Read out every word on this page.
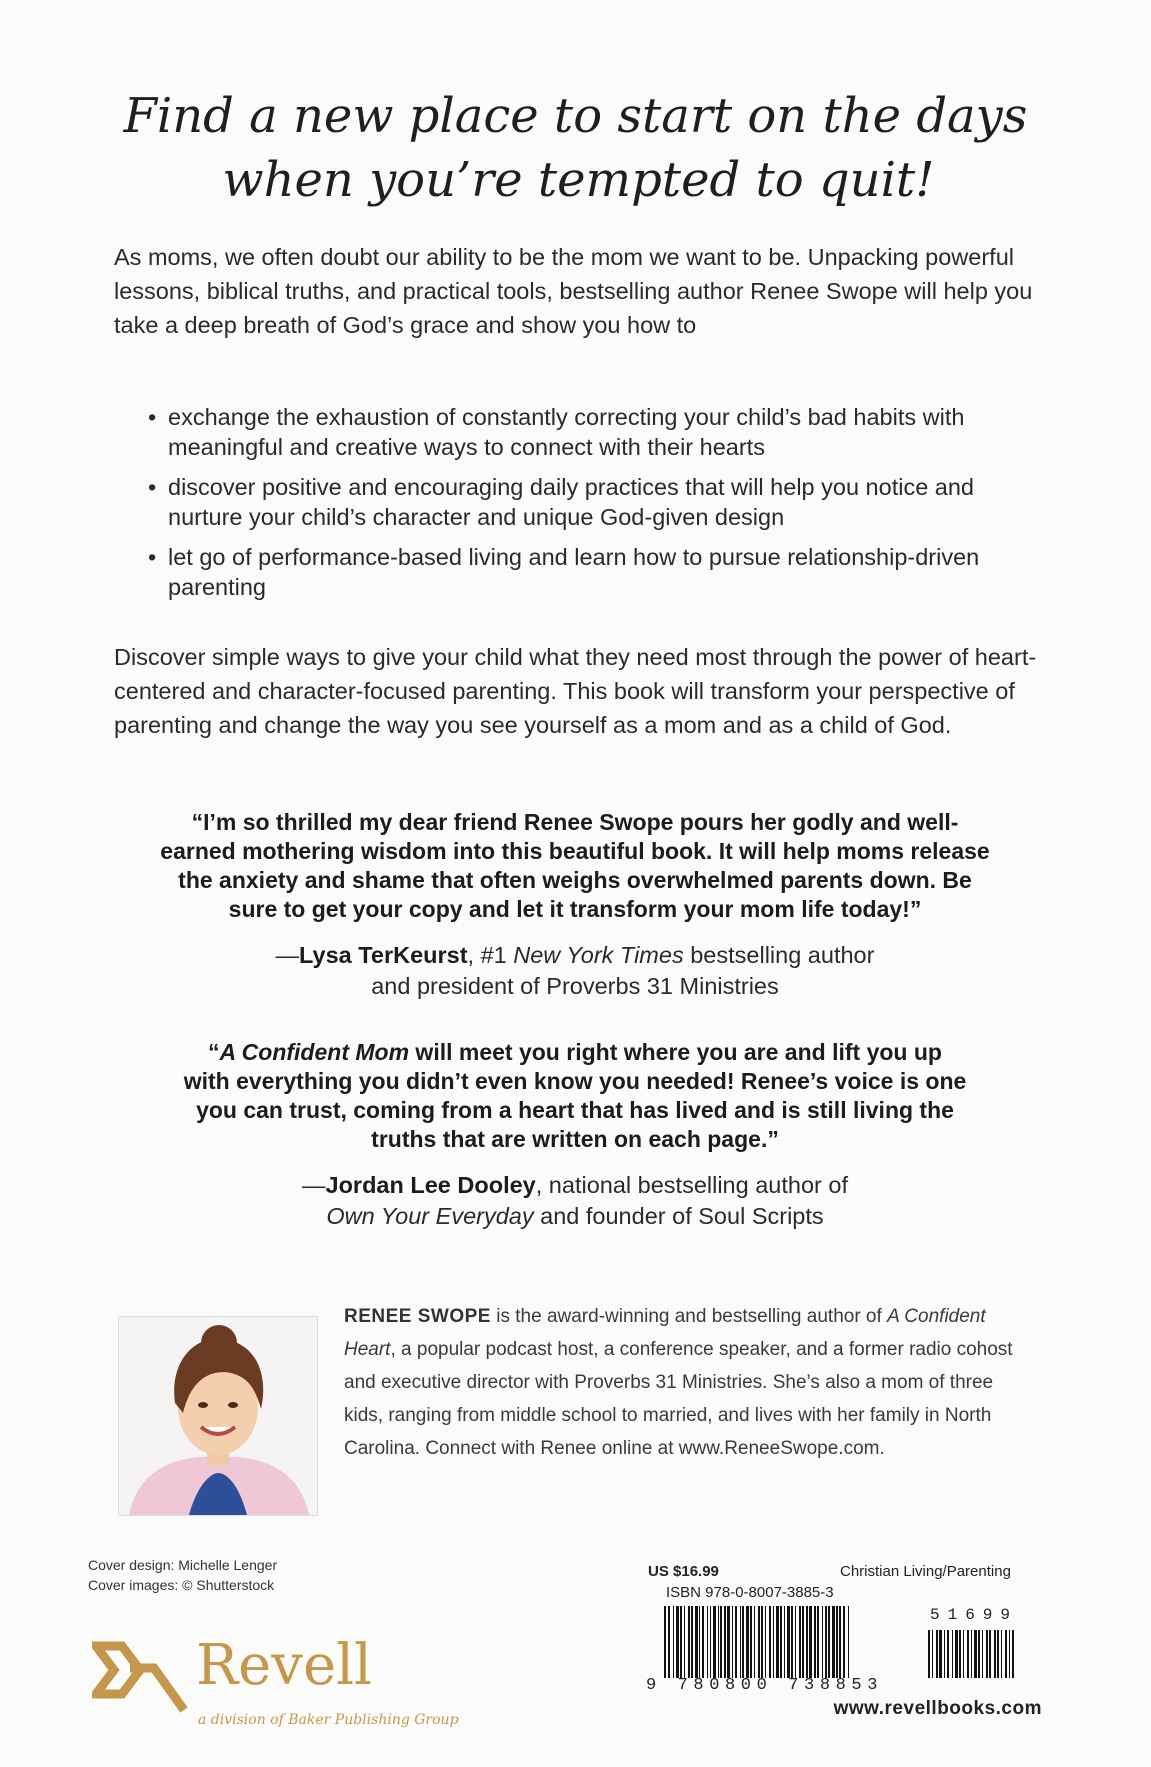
Find a new place to start on the days
when you’re tempted to quit!

As moms, we often doubt our ability to be the mom we want to be. Unpacking powerful lessons, biblical truths, and practical tools, bestselling author Renee Swope will help you take a deep breath of God’s grace and show you how to

• exchange the exhaustion of constantly correcting your child’s bad habits with meaningful and creative ways to connect with their hearts
• discover positive and encouraging daily practices that will help you notice and nurture your child’s character and unique God-given design
• let go of performance-based living and learn how to pursue relationship-driven parenting

Discover simple ways to give your child what they need most through the power of heart-centered and character-focused parenting. This book will transform your perspective of parenting and change the way you see yourself as a mom and as a child of God.

“I’m so thrilled my dear friend Renee Swope pours her godly and well-
earned mothering wisdom into this beautiful book. It will help moms release
the anxiety and shame that often weighs overwhelmed parents down. Be
sure to get your copy and let it transform your mom life today!”

—Lysa TerKeurst, #1 New York Times bestselling author
and president of Proverbs 31 Ministries

“A Confident Mom will meet you right where you are and lift you up
with everything you didn’t even know you needed! Renee’s voice is one
you can trust, coming from a heart that has lived and is still living the
truths that are written on each page.”

—Jordan Lee Dooley, national bestselling author of
Own Your Everyday and founder of Soul Scripts

RENEE SWOPE is the award-winning and bestselling author of A Confident Heart, a popular podcast host, a conference speaker, and a former radio cohost and executive director with Proverbs 31 Ministries. She’s also a mom of three kids, ranging from middle school to married, and lives with her family in North Carolina. Connect with Renee online at www.ReneeSwope.com.

Cover design: Michelle Lenger
Cover images: © Shutterstock
Revell
a division of Baker Publishing Group
US $16.99	Christian Living/Parenting
ISBN 978-0-8007-3885-3
51699
9 780800 738853
www.revellbooks.com
